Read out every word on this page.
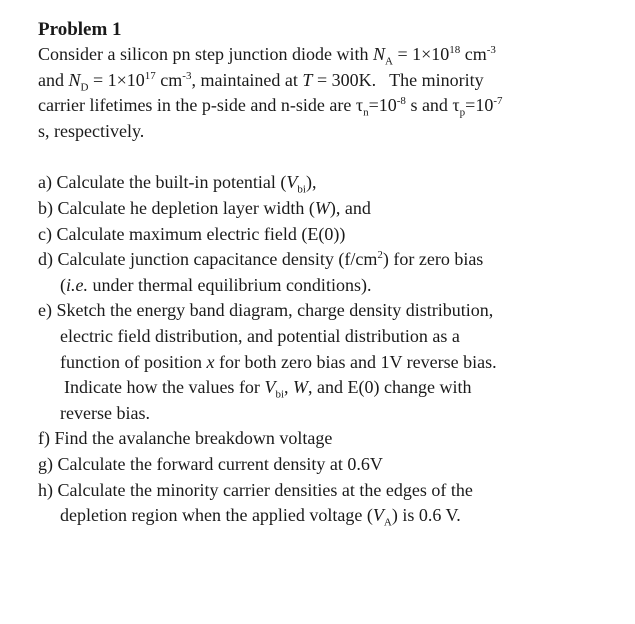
Problem 1

Consider a silicon pn step junction diode with $N_A = 1\times 10^{18}$ $cm^{-3}$
and $N_D = 1\times 10^{17}$ $cm^{-3}$, maintained at T = 300K. The minority
carrier lifetimes in the p-side and n-side are $\tau_n=10^{-8}$ s and $\tau_p=10^{-7}$
s, respectively.

a) Calculate the built-in potential $(V_{bi})$,

b) Calculate he depletion layer width (W), and

c) Calculate maximum electric field (E(0))

d) Calculate junction capacitance density $(f/cm^2)$ for zero bias
(i.e. under thermal equilibrium conditions).

e) Sketch the energy band diagram, charge density distribution,
electric field distribution, and potential distribution as a
function of position x for both zero bias and 1V reverse bias.
Indicate how the values for $V_{bi}$, W, and E(0) change with
reverse bias.

f) Find the avalanche breakdown voltage

g) Calculate the forward current density at 0.6V

h) Calculate the minority carrier densities at the edges of the
depletion region when the applied voltage $(V_A)$ is 0.6 V.
